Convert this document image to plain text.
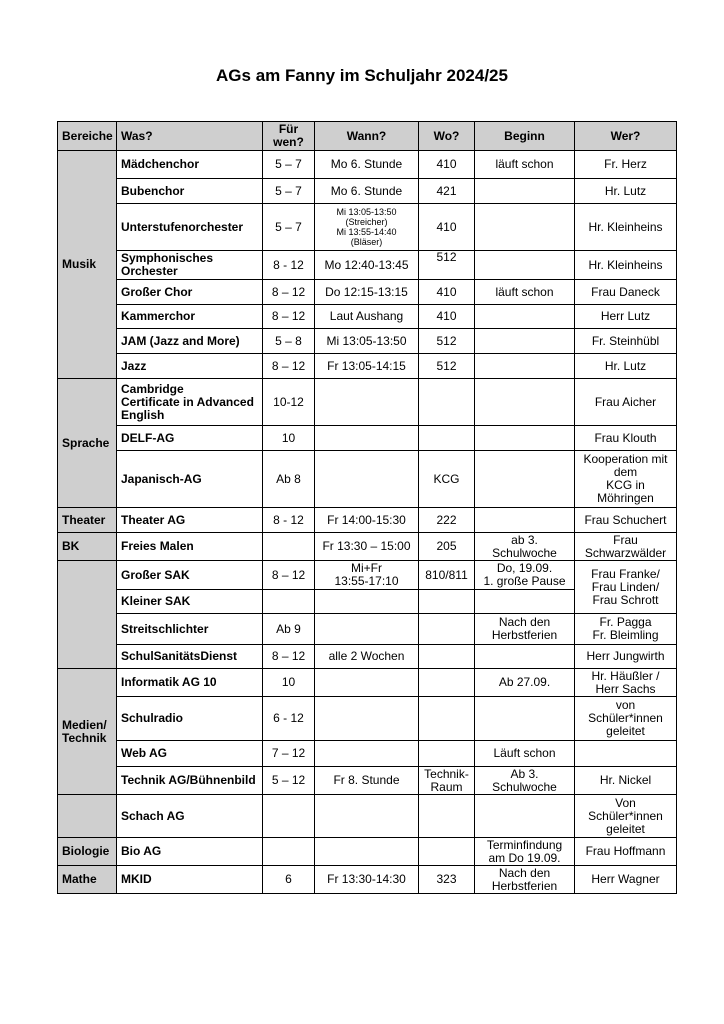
AGs am Fanny im Schuljahr 2024/25
Bereiche	Was?	Für
wen?	Wann?	Wo?	Beginn	Wer?
Musik	Mädchenchor	5 – 7	Mo 6. Stunde	410	läuft schon	Fr. Herz
	Bubenchor	5 – 7	Mo 6. Stunde	421		Hr. Lutz
	Unterstufenorchester	5 – 7	Mi 13:05-13:50
(Streicher)
Mi 13:55-14:40
(Bläser)	410		Hr. Kleinheins

	Symphonisches
Orchester	8 - 12	Mo 12:40-13:45	512		Hr. Kleinheins
	Großer Chor	8 – 12	Do 12:15-13:15	410	läuft schon	Frau Daneck
	Kammerchor	8 – 12	Laut Aushang	410		Herr Lutz
	JAM (Jazz and More)	5 – 8	Mi 13:05-13:50	512		Fr. Steinhübl
	Jazz	8 – 12	Fr 13:05-14:15	512		Hr. Lutz
Sprache	Cambridge
Certificate in Advanced
English	10-12				Frau Aicher
	DELF-AG	10				Frau Klouth
	Japanisch-AG	Ab 8		KCG		Kooperation mit
dem
KCG in
Möhringen

Theater	Theater AG	8 - 12	Fr 14:00-15:30	222		Frau Schuchert
BK	Freies Malen		Fr 13:30 – 15:00	205	ab 3.
Schulwoche	Frau
Schwarzwälder

	Großer SAK	8 – 12	Mi+Fr
13:55-17:10	810/811	Do, 19.09.
1. große Pause	Frau Franke/
Frau Linden/
Frau Schrott

	Kleiner SAK					
	Streitschlichter	Ab 9			Nach den
Herbstferien	Fr. Pagga
Fr. Bleimling

	SchulSanitätsDienst	8 – 12	alle 2 Wochen			Herr Jungwirth

Medien/
Technik	Informatik AG 10	10			Ab 27.09.	Hr. Häußler /
Herr Sachs

	Schulradio	6 - 12				von
Schüler*innen
geleitet

	Web AG	7 – 12			Läuft schon	
	Technik AG/Bühnenbild	5 – 12	Fr 8. Stunde	Technik-
Raum	Ab 3.
Schulwoche	Hr. Nickel
	Schach AG					Von
Schüler*innen
geleitet

Biologie	Bio AG				Terminfindung
am Do 19.09.	Frau Hoffmann
Mathe	MKID	6	Fr 13:30-14:30	323	Nach den
Herbstferien	Herr Wagner
